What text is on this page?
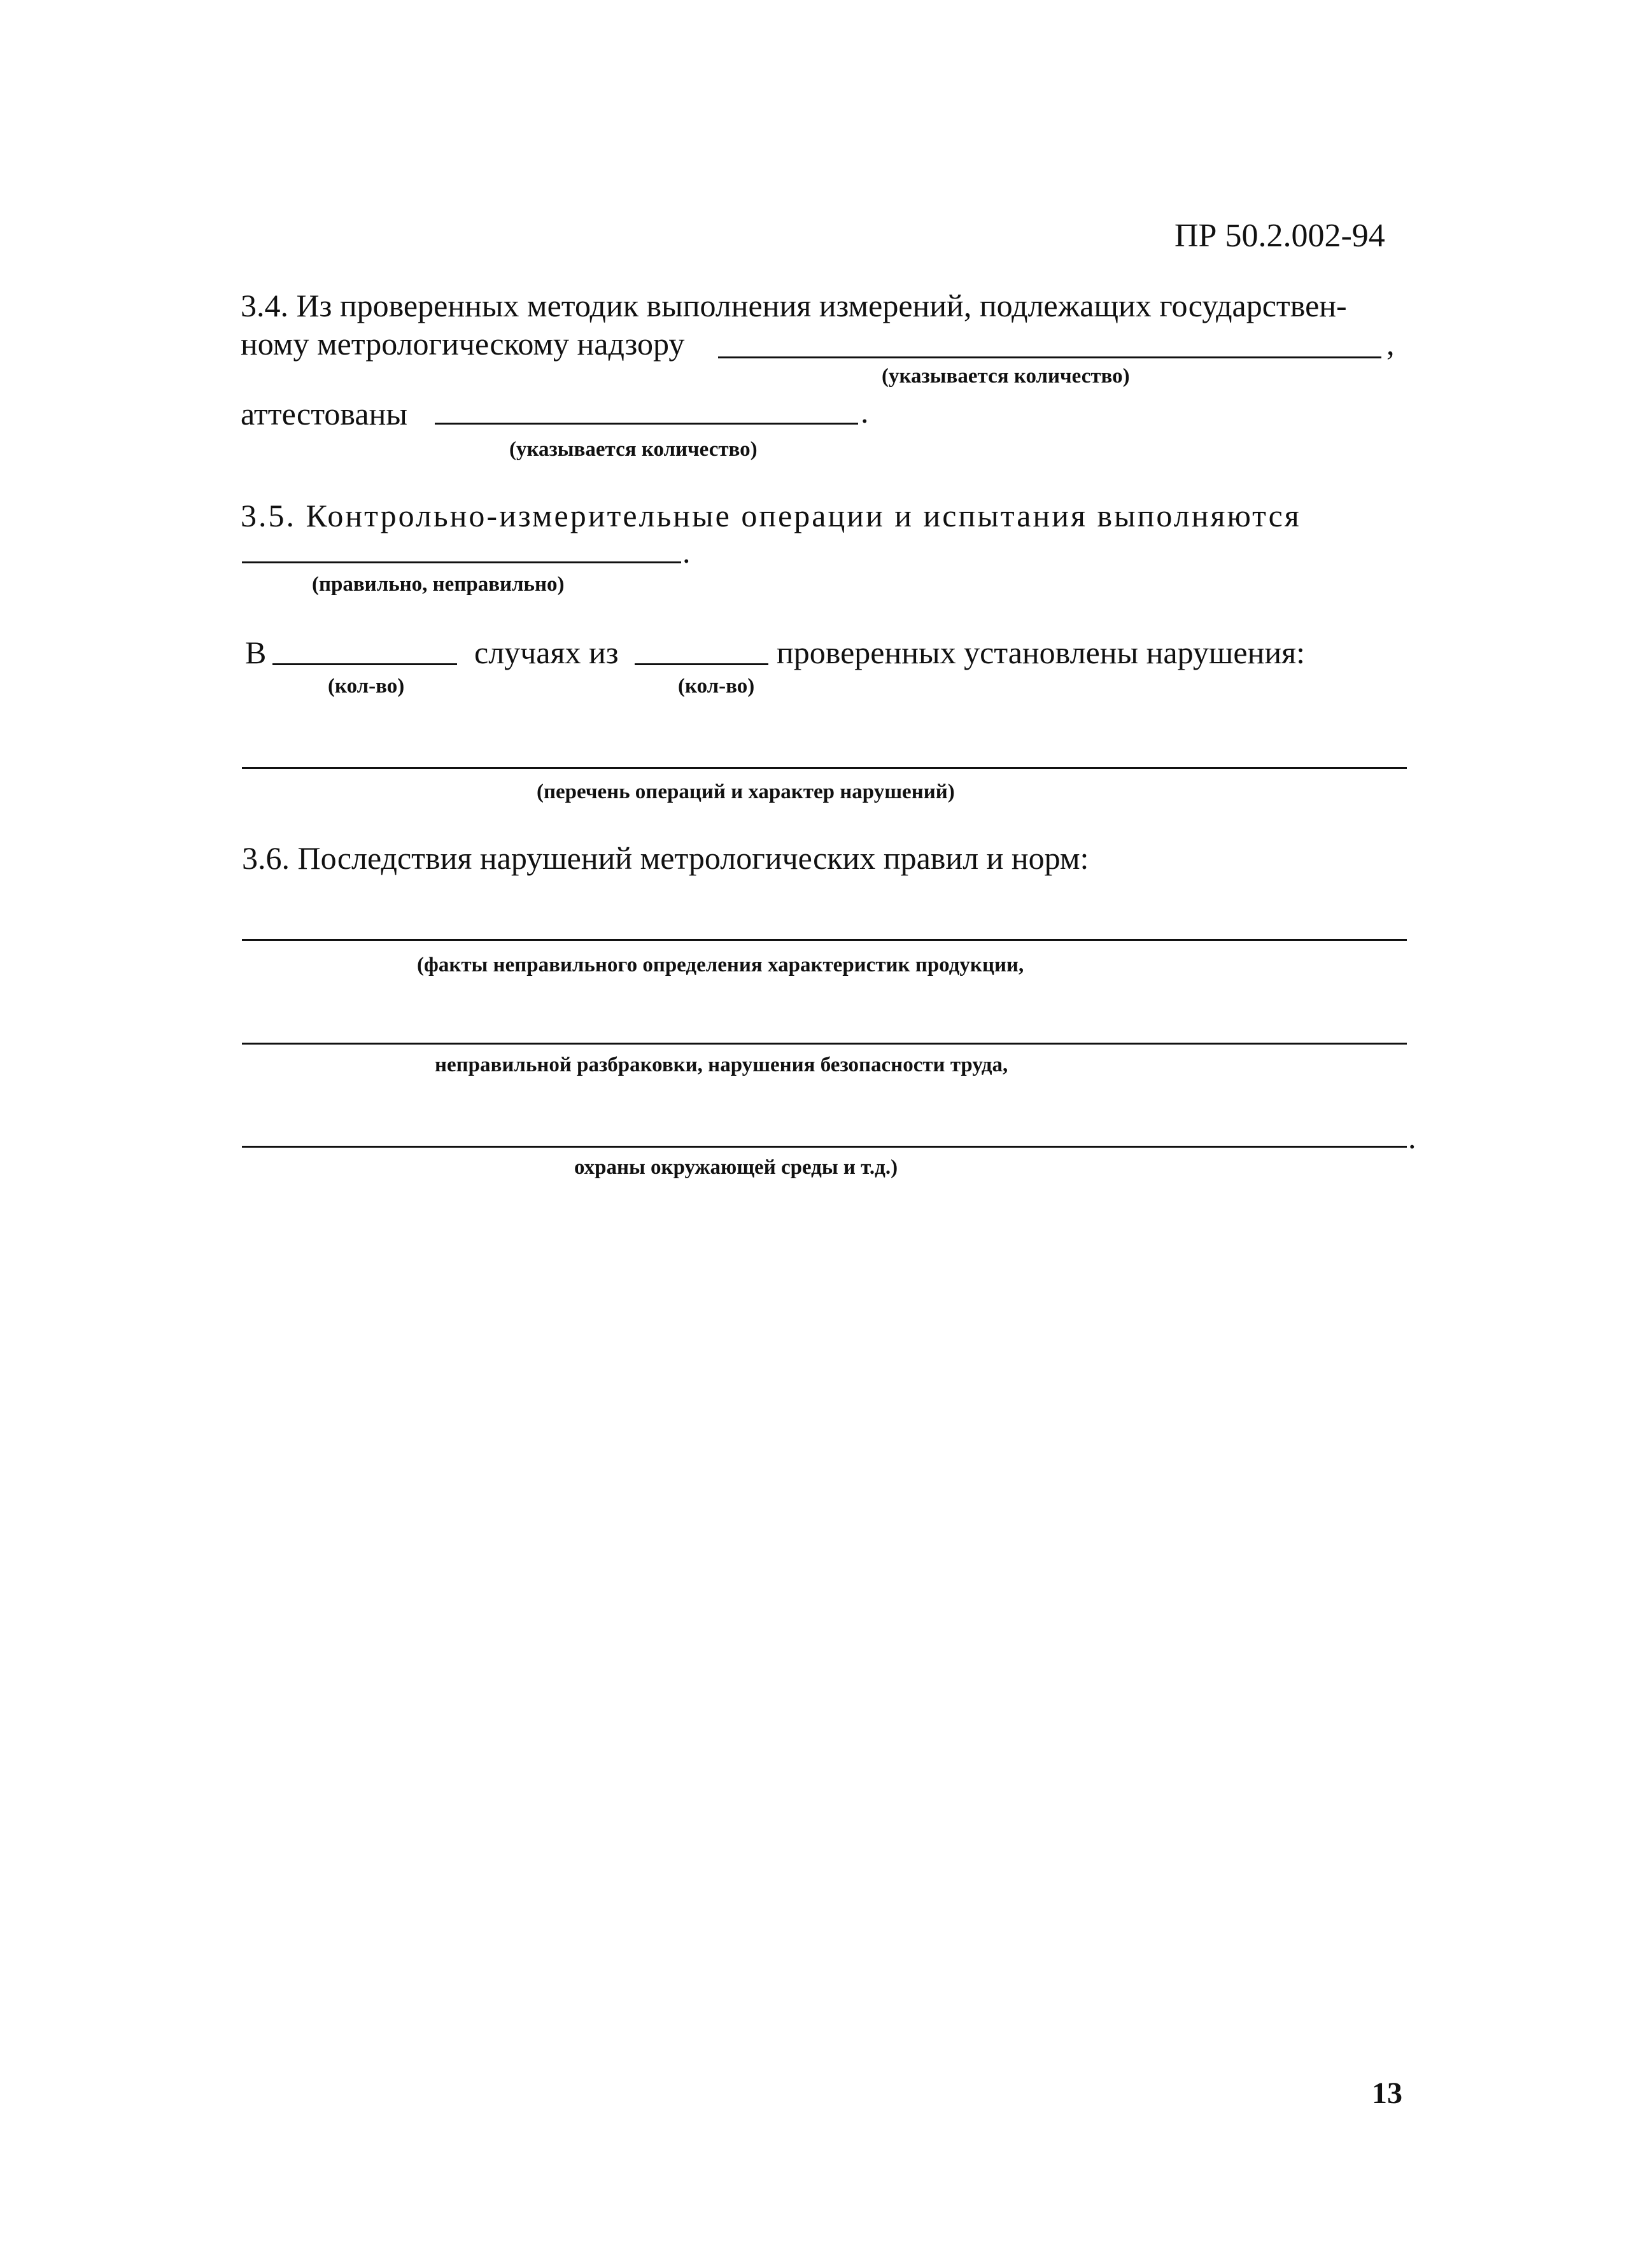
ПР 50.2.002-94
3.4. Из проверенных методик выполнения измерений, подлежащих государствен-
ному метрологическому надзору	,
(указывается количество)
аттестованы	.
(указывается количество)
3.5. Контрольно-измерительные операции и испытания выполняются
.
(правильно, неправильно)
В	случаях из	проверенных установлены нарушения:
(кол-во)	(кол-во)
(перечень операций и характер нарушений)
3.6. Последствия нарушений метрологических правил и норм:
(факты неправильного определения характеристик продукции,
неправильной разбраковки, нарушения безопасности труда,
.
охраны окружающей среды и т.д.)
13
